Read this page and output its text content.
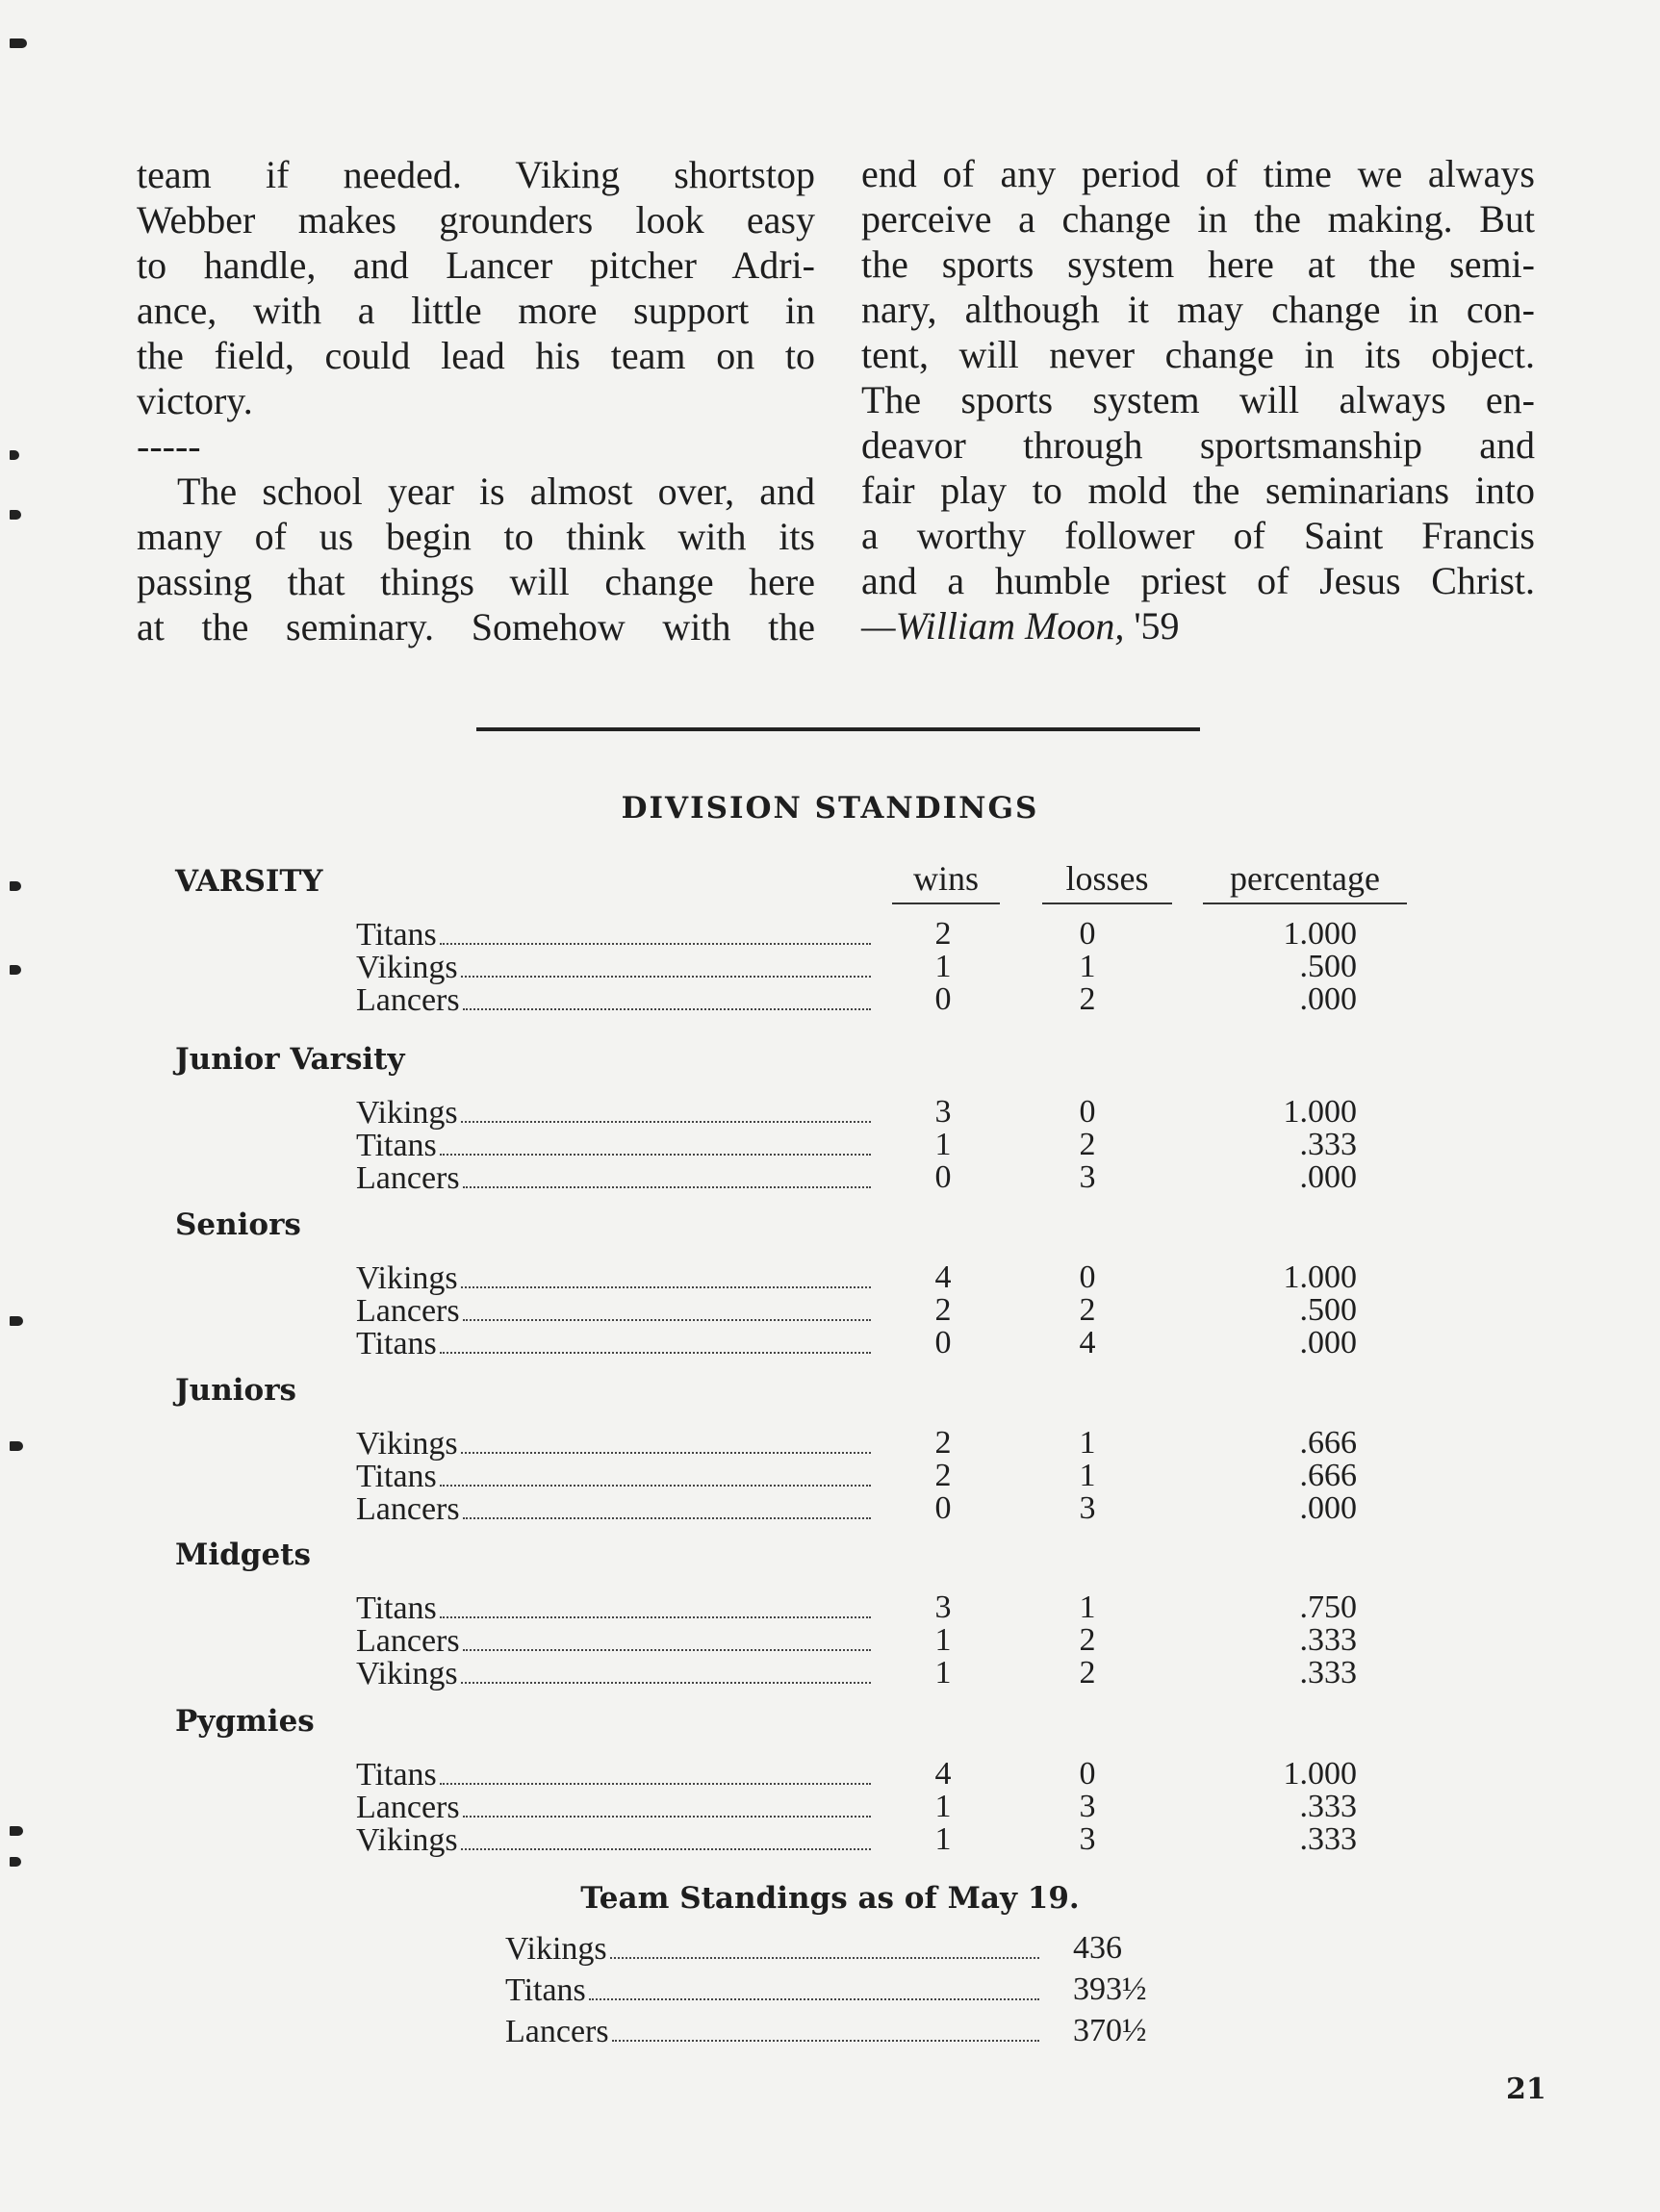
team if needed. Viking shortstop
Webber makes grounders look easy
to handle, and Lancer pitcher Adri-
ance, with a little more support in
the field, could lead his team on to
victory.

-----

The school year is almost over, and
many of us begin to think with its
passing that things will change here
at the seminary. Somehow with the
end of any period of time we always
perceive a change in the making. But
the sports system here at the semi-
nary, although it may change in con-
tent, will never change in its object.
The sports system will always en-
deavor through sportsmanship and
fair play to mold the seminarians into
a worthy follower of Saint Francis
and a humble priest of Jesus Christ.

—William Moon, '59

DIVISION STANDINGS
wins	losses	percentage
VARSITY
Titans	2	0	1.000
Vikings	1	1	.500
Lancers	0	2	.000
Junior Varsity
Vikings	3	0	1.000
Titans	1	2	.333
Lancers	0	3	.000
Seniors
Vikings	4	0	1.000
Lancers	2	2	.500
Titans	0	4	.000
Juniors
Vikings	2	1	.666
Titans	2	1	.666
Lancers	0	3	.000
Midgets
Titans	3	1	.750
Lancers	1	2	.333
Vikings	1	2	.333
Pygmies
Titans	4	0	1.000
Lancers	1	3	.333
Vikings	1	3	.333
Team Standings as of May 19.
Vikings	436
Titans	393½
Lancers	370½
21
